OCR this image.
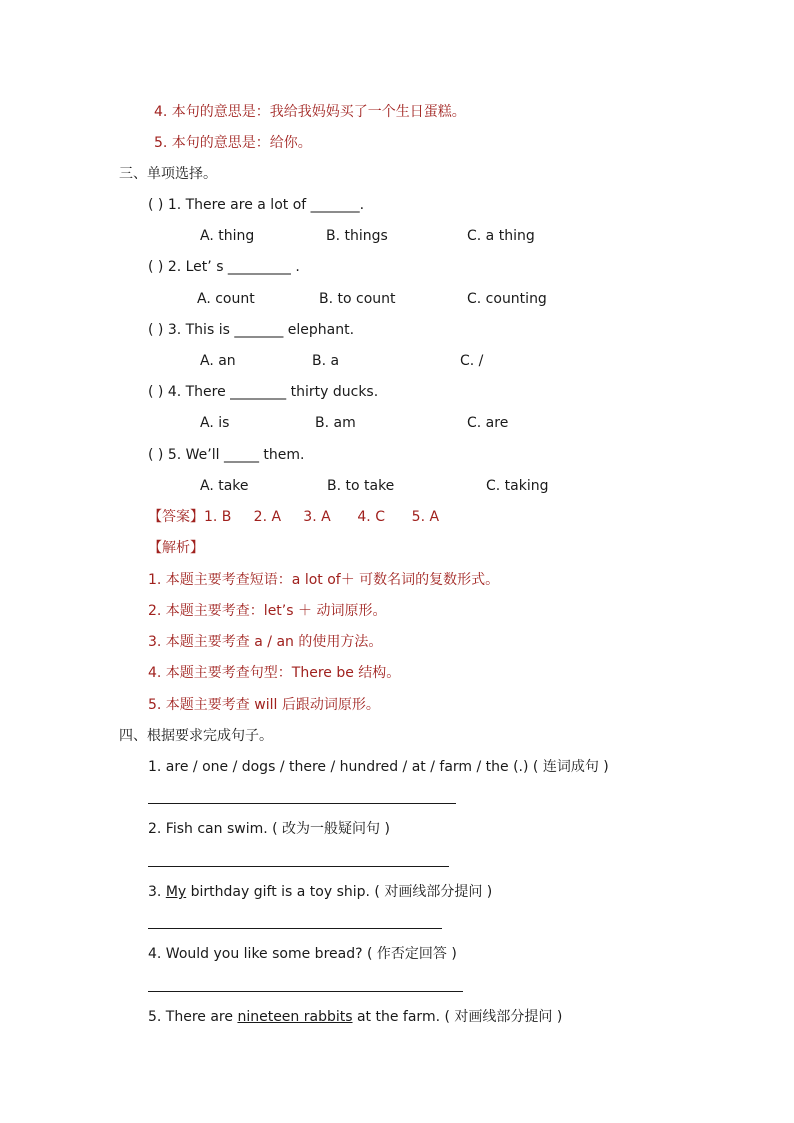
4. 本句的意思是：我给我妈妈买了一个生日蛋糕。
5. 本句的意思是：给你。
三、单项选择。
( ) 1. There are a lot of _______.
A. thing	B. things	C. a thing
( ) 2. Let’ s _________ .
A. count	B. to count	C. counting
( ) 3. This is _______ elephant.
A. an	B. a	C. /
( ) 4. There ________ thirty ducks.
A. is	B. am	C. are
( ) 5. We’ll _____ them.
A. take	B. to take	C. taking
【答案】1. B     2. A     3. A      4. C      5. A
【解析】
1. 本题主要考查短语：a lot of＋ 可数名词的复数形式。
2. 本题主要考查：let’s ＋ 动词原形。
3. 本题主要考查 a / an 的使用方法。
4. 本题主要考查句型：There be 结构。
5. 本题主要考查 will 后跟动词原形。
四、根据要求完成句子。
1. are / one / dogs / there / hundred / at / farm / the (.) ( 连词成句 )
2. Fish can swim. ( 改为一般疑问句 )
3. My birthday gift is a toy ship. ( 对画线部分提问 )
4. Would you like some bread? ( 作否定回答 )
5. There are nineteen rabbits at the farm. ( 对画线部分提问 )
